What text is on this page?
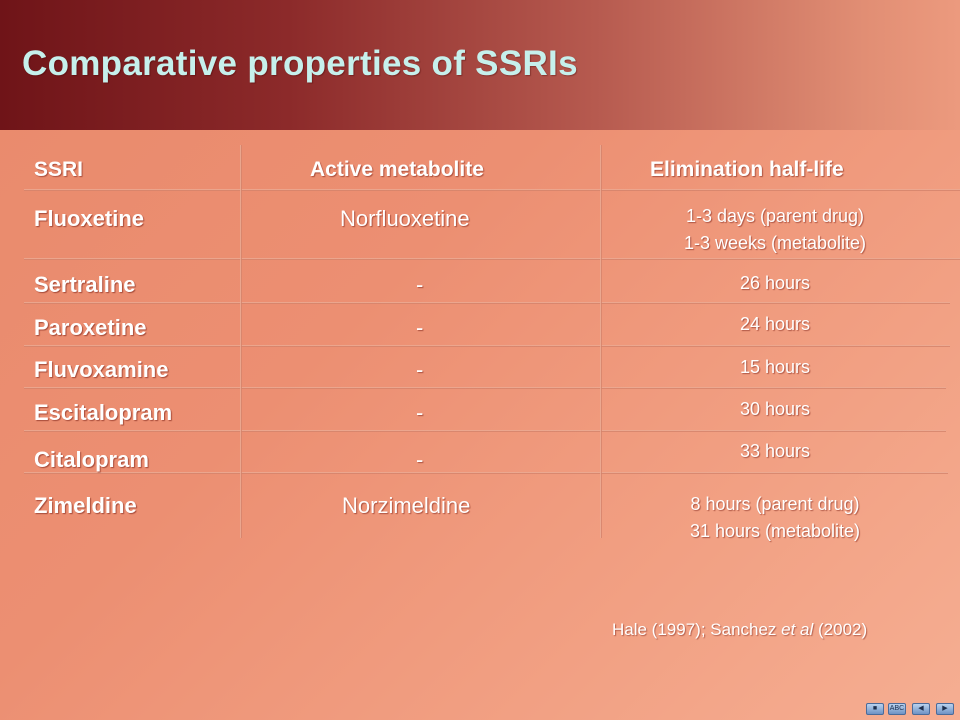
Comparative properties of SSRIs
SSRI	Active metabolite	Elimination half-life
Fluoxetine	Norfluoxetine	1-3 days (parent drug)
1-3 weeks (metabolite)
Sertraline	-	26 hours
Paroxetine	-	24 hours
Fluvoxamine	-	15 hours
Escitalopram	-	30 hours
Citalopram	-	33 hours
Zimeldine	Norzimeldine	8 hours (parent drug)
31 hours (metabolite)
Hale (1997); Sanchez et al (2002)
■	ABC	◀	▶
